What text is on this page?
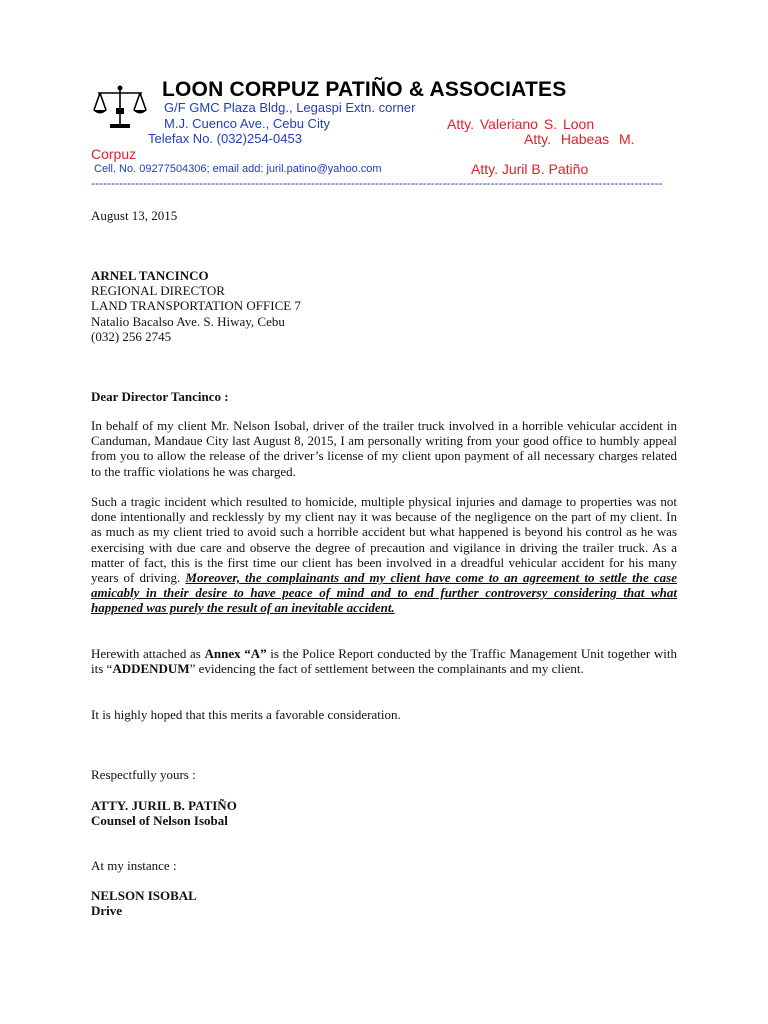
LOON CORPUZ PATIÑO & ASSOCIATES
G/F GMC Plaza Bldg., Legaspi Extn. corner
M.J. Cuenco Ave., Cebu City
Telefax No. (032)254-0453
Cell. No. 09277504306; email add: juril.patino@yahoo.com
Atty. Valeriano S. Loon
Atty. Habeas M.
Corpuz
Atty. Juril B. Patiño
-----------------------------------------------------------------------------------------------------------------------------------------------
August 13, 2015
ARNEL TANCINCO
REGIONAL DIRECTOR
LAND TRANSPORTATION OFFICE 7
Natalio Bacalso Ave. S. Hiway, Cebu
(032) 256 2745
Dear Director Tancinco :

In behalf of my client Mr. Nelson Isobal, driver of the trailer truck involved in a horrible vehicular accident in Canduman, Mandaue City last August 8, 2015, I am personally writing from your good office to humbly appeal from you to allow the release of the driver’s license of my client upon payment of all necessary charges related to the traffic violations he was charged.

Such a tragic incident which resulted to homicide, multiple physical injuries and damage to properties was not done intentionally and recklessly by my client nay it was because of the negligence on the part of my client. In as much as my client tried to avoid such a horrible accident but what happened is beyond his control as he was exercising with due care and observe the degree of precaution and vigilance in driving the trailer truck. As a matter of fact, this is the first time our client has been involved in a dreadful vehicular accident for his many years of driving. Moreover, the complainants and my client have come to an agreement to settle the case amicably in their desire to have peace of mind and to end further controversy considering that what happened was purely the result of an inevitable accident.

Herewith attached as Annex “A” is the Police Report conducted by the Traffic Management Unit together with its “ADDENDUM” evidencing the fact of settlement between the complainants and my client.

It is highly hoped that this merits a favorable consideration.
Respectfully yours :
ATTY. JURIL B. PATIÑO
Counsel of Nelson Isobal
At my instance :
NELSON ISOBAL
Drive
